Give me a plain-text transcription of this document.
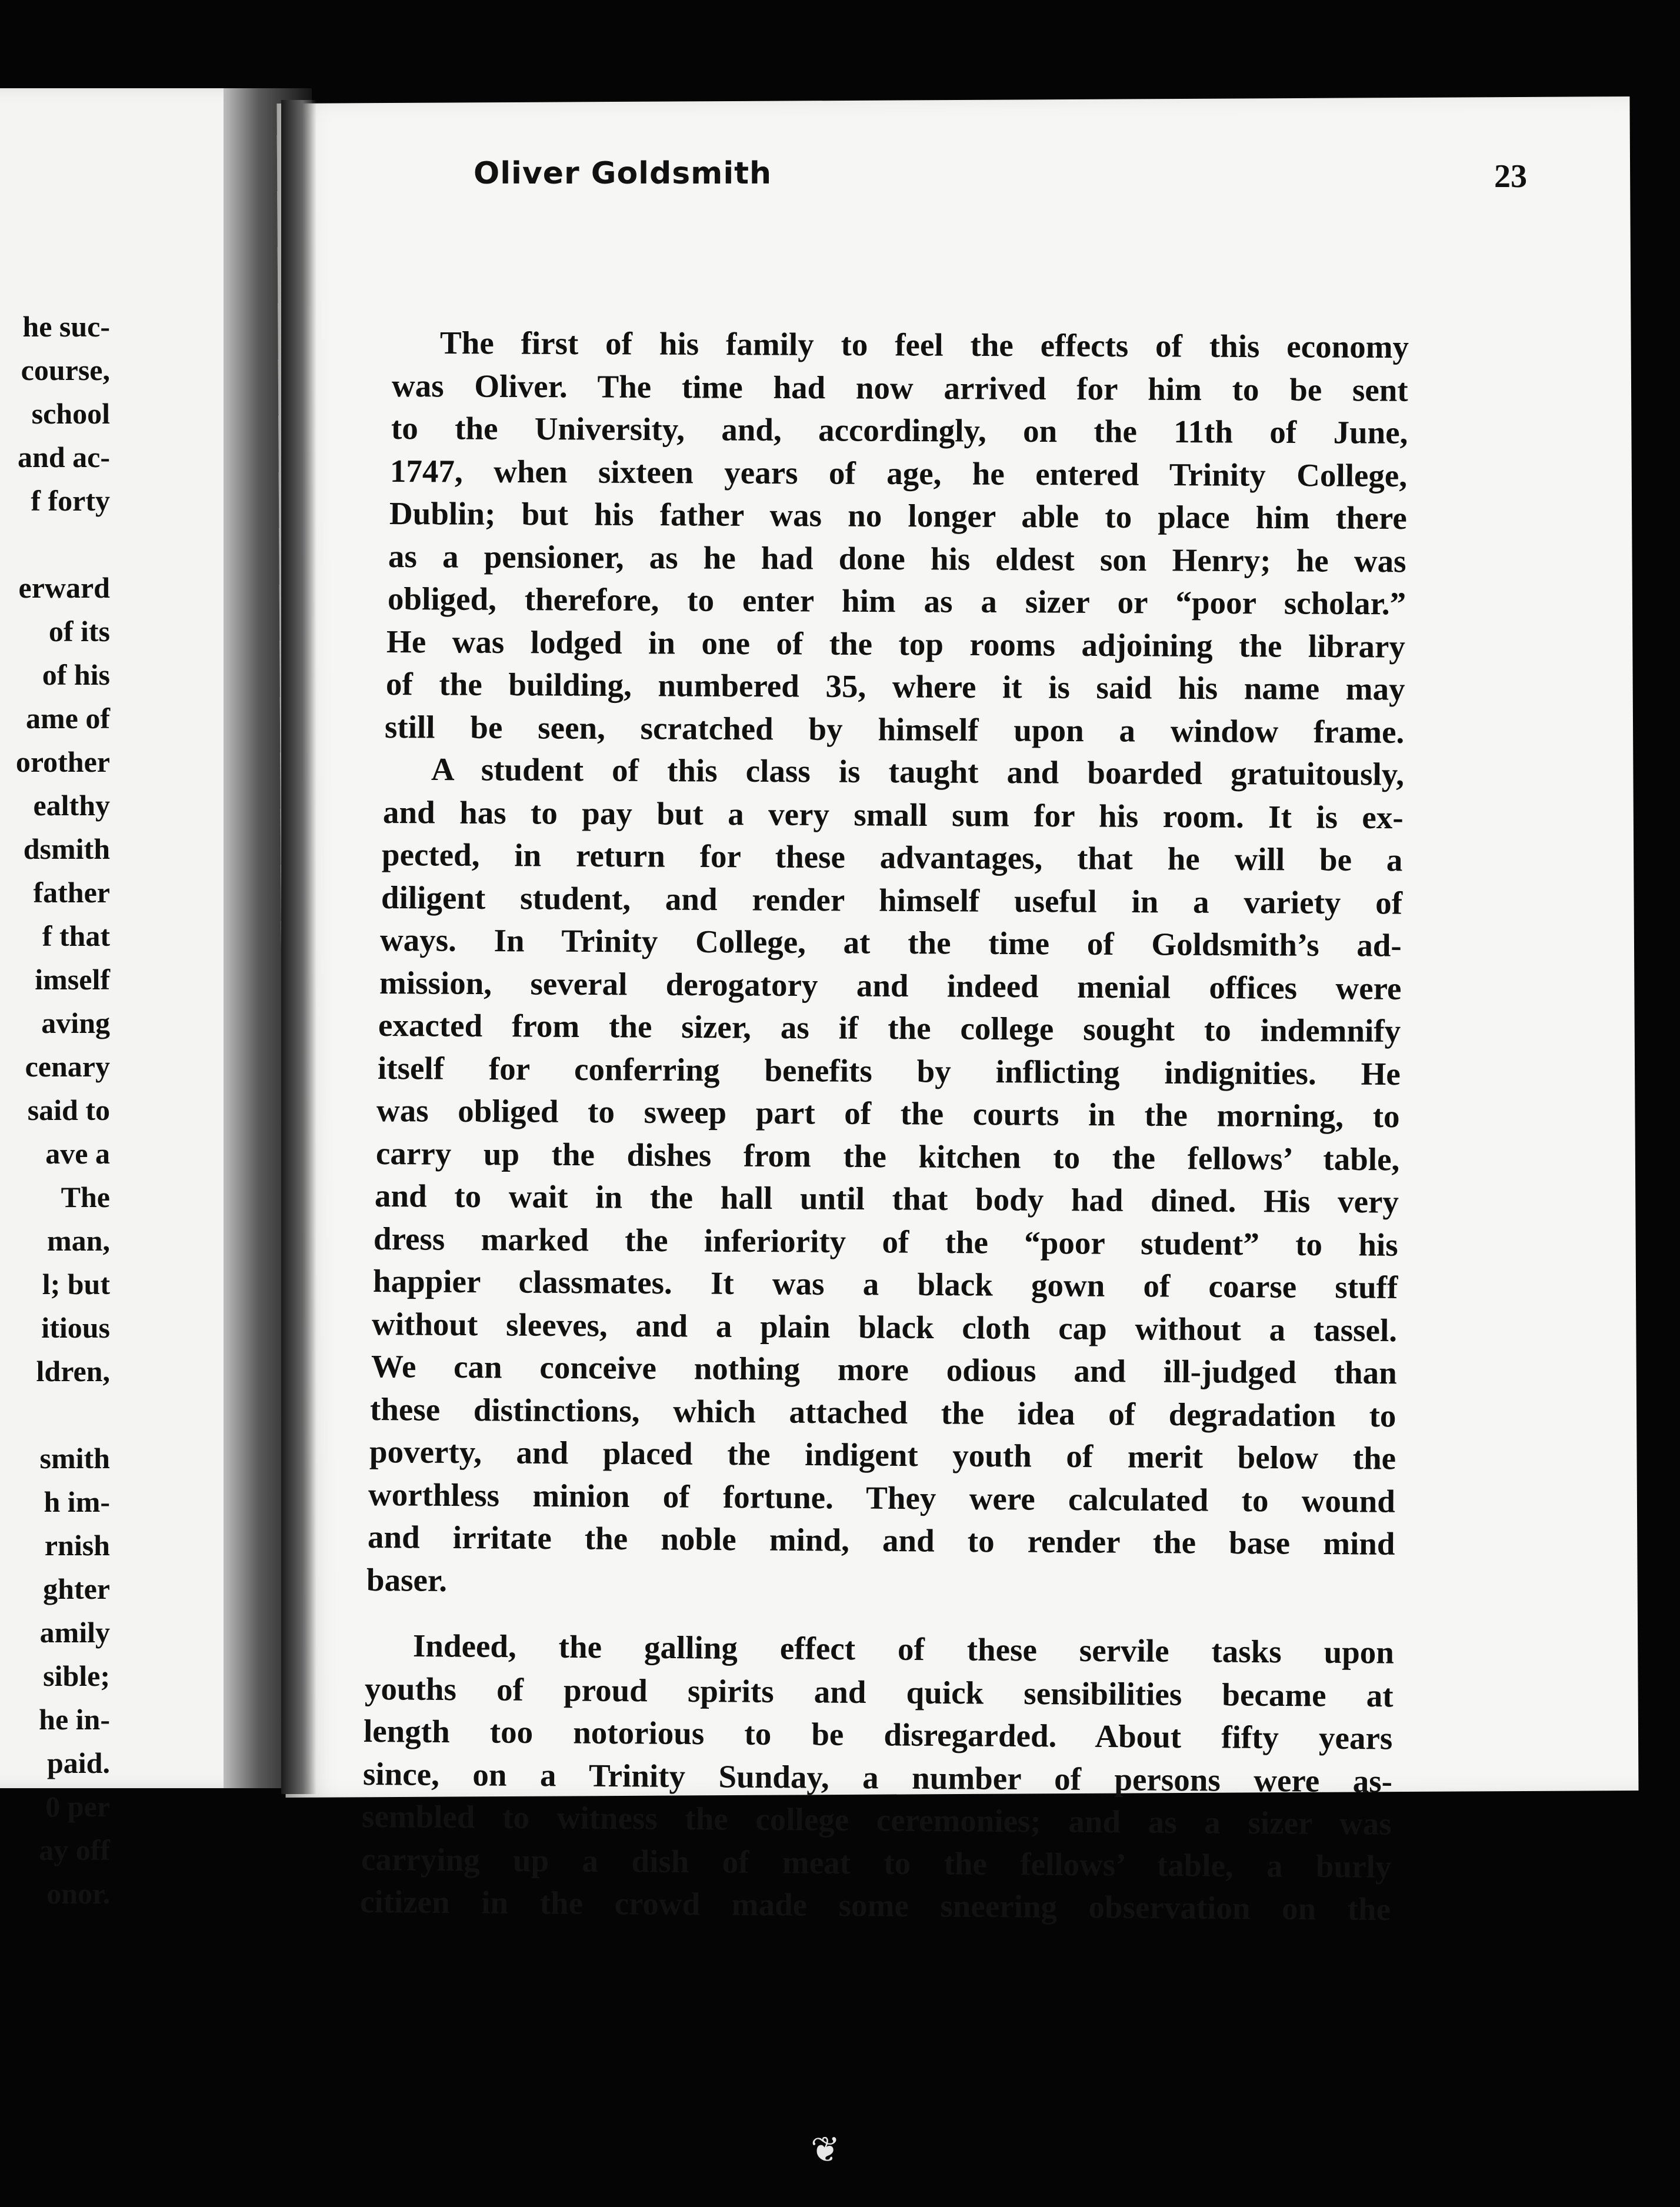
he suc-
course,
school
and ac-
f forty
erward
of its
of his
ame of
orother
ealthy
dsmith
father
f that
imself
aving
cenary
said to
ave a
The
man,
l; but
itious
ldren,
smith
h im-
rnish
ghter
amily
sible;
he in-
paid.
0 per
ay off
onor.
Oliver Goldsmith	23
The first of his family to feel the effects of this economy
was Oliver. The time had now arrived for him to be sent
to the University, and, accordingly, on the 11th of June,
1747, when sixteen years of age, he entered Trinity College,
Dublin; but his father was no longer able to place him there
as a pensioner, as he had done his eldest son Henry; he was
obliged, therefore, to enter him as a sizer or “poor scholar.”
He was lodged in one of the top rooms adjoining the library
of the building, numbered 35, where it is said his name may
still be seen, scratched by himself upon a window frame.
A student of this class is taught and boarded gratuitously,
and has to pay but a very small sum for his room. It is ex-
pected, in return for these advantages, that he will be a
diligent student, and render himself useful in a variety of
ways. In Trinity College, at the time of Goldsmith’s ad-
mission, several derogatory and indeed menial offices were
exacted from the sizer, as if the college sought to indemnify
itself for conferring benefits by inflicting indignities. He
was obliged to sweep part of the courts in the morning, to
carry up the dishes from the kitchen to the fellows’ table,
and to wait in the hall until that body had dined. His very
dress marked the inferiority of the “poor student” to his
happier classmates. It was a black gown of coarse stuff
without sleeves, and a plain black cloth cap without a tassel.
We can conceive nothing more odious and ill-judged than
these distinctions, which attached the idea of degradation to
poverty, and placed the indigent youth of merit below the
worthless minion of fortune. They were calculated to wound
and irritate the noble mind, and to render the base mind
baser.
Indeed, the galling effect of these servile tasks upon
youths of proud spirits and quick sensibilities became at
length too notorious to be disregarded. About fifty years
since, on a Trinity Sunday, a number of persons were as-
sembled to witness the college ceremonies; and as a sizer was
carrying up a dish of meat to the fellows’ table, a burly
citizen in the crowd made some sneering observation on the
❦
